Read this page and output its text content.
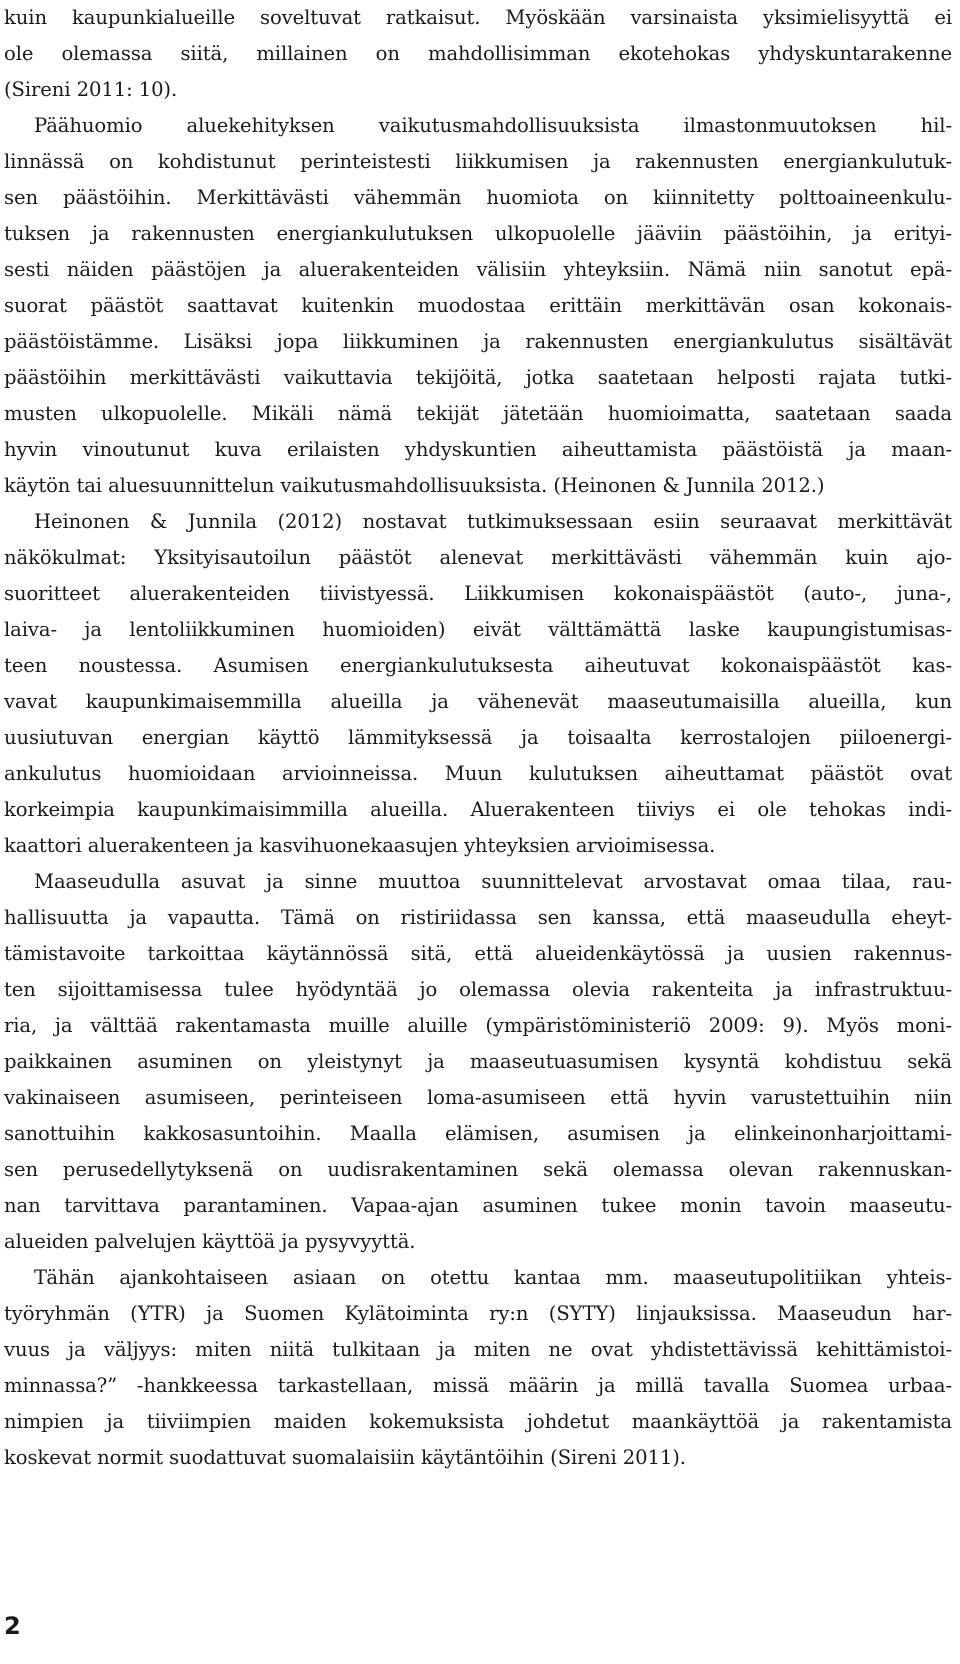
kuin kaupunkialueille soveltuvat ratkaisut. Myöskään varsinaista yksimielisyyttä ei
ole olemassa siitä, millainen on mahdollisimman ekotehokas yhdyskuntarakenne
(Sireni 2011: 10).
Päähuomio aluekehityksen vaikutusmahdollisuuksista ilmastonmuutoksen hil-
linnässä on kohdistunut perinteistesti liikkumisen ja rakennusten energiankulutuk-
sen päästöihin. Merkittävästi vähemmän huomiota on kiinnitetty polttoaineenkulu-
tuksen ja rakennusten energiankulutuksen ulkopuolelle jääviin päästöihin, ja erityi-
sesti näiden päästöjen ja aluerakenteiden välisiin yhteyksiin. Nämä niin sanotut epä-
suorat päästöt saattavat kuitenkin muodostaa erittäin merkittävän osan kokonais-
päästöistämme. Lisäksi jopa liikkuminen ja rakennusten energiankulutus sisältävät
päästöihin merkittävästi vaikuttavia tekijöitä, jotka saatetaan helposti rajata tutki-
musten ulkopuolelle. Mikäli nämä tekijät jätetään huomioimatta, saatetaan saada
hyvin vinoutunut kuva erilaisten yhdyskuntien aiheuttamista päästöistä ja maan-
käytön tai aluesuunnittelun vaikutusmahdollisuuksista. (Heinonen & Junnila 2012.)
Heinonen & Junnila (2012) nostavat tutkimuksessaan esiin seuraavat merkittävät
näkökulmat: Yksityisautoilun päästöt alenevat merkittävästi vähemmän kuin ajo-
suoritteet aluerakenteiden tiivistyessä. Liikkumisen kokonaispäästöt (auto-, juna-,
laiva- ja lentoliikkuminen huomioiden) eivät välttämättä laske kaupungistumisas-
teen noustessa. Asumisen energiankulutuksesta aiheutuvat kokonaispäästöt kas-
vavat kaupunkimaisemmilla alueilla ja vähenevät maaseutumaisilla alueilla, kun
uusiutuvan energian käyttö lämmityksessä ja toisaalta kerrostalojen piiloenergi-
ankulutus huomioidaan arvioinneissa. Muun kulutuksen aiheuttamat päästöt ovat
korkeimpia kaupunkimaisimmilla alueilla. Aluerakenteen tiiviys ei ole tehokas indi-
kaattori aluerakenteen ja kasvihuonekaasujen yhteyksien arvioimisessa.
Maaseudulla asuvat ja sinne muuttoa suunnittelevat arvostavat omaa tilaa, rau-
hallisuutta ja vapautta. Tämä on ristiriidassa sen kanssa, että maaseudulla eheyt-
tämistavoite tarkoittaa käytännössä sitä, että alueidenkäytössä ja uusien rakennus-
ten sijoittamisessa tulee hyödyntää jo olemassa olevia rakenteita ja infrastruktuu-
ria, ja välttää rakentamasta muille aluille (ympäristöministeriö 2009: 9). Myös moni-
paikkainen asuminen on yleistynyt ja maaseutuasumisen kysyntä kohdistuu sekä
vakinaiseen asumiseen, perinteiseen loma-asumiseen että hyvin varustettuihin niin
sanottuihin kakkosasuntoihin. Maalla elämisen, asumisen ja elinkeinonharjoittami-
sen perusedellytyksenä on uudisrakentaminen sekä olemassa olevan rakennuskan-
nan tarvittava parantaminen. Vapaa-ajan asuminen tukee monin tavoin maaseutu-
alueiden palvelujen käyttöä ja pysyvyyttä.
Tähän ajankohtaiseen asiaan on otettu kantaa mm. maaseutupolitiikan yhteis-
työryhmän (YTR) ja Suomen Kylätoiminta ry:n (SYTY) linjauksissa. Maaseudun har-
vuus ja väljyys: miten niitä tulkitaan ja miten ne ovat yhdistettävissä kehittämistoi-
minnassa?” -hankkeessa tarkastellaan, missä määrin ja millä tavalla Suomea urbaa-
nimpien ja tiiviimpien maiden kokemuksista johdetut maankäyttöä ja rakentamista
koskevat normit suodattuvat suomalaisiin käytäntöihin (Sireni 2011).
2
